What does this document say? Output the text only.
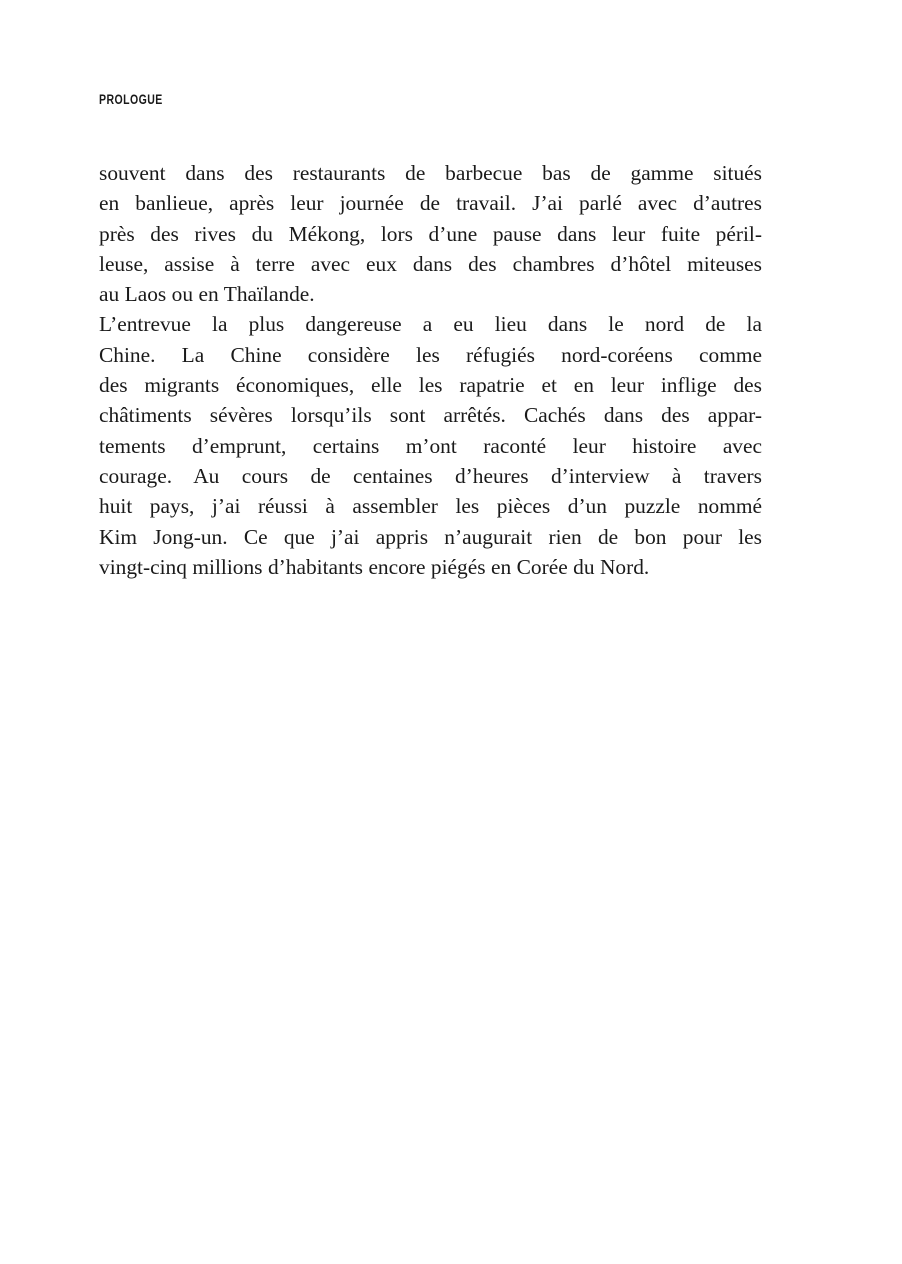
PROLOGUE

souvent dans des restaurants de barbecue bas de gamme situés
en banlieue, après leur journée de travail. J’ai parlé avec d’autres
près des rives du Mékong, lors d’une pause dans leur fuite péril-
leuse, assise à terre avec eux dans des chambres d’hôtel miteuses
au Laos ou en Thaïlande.

L’entrevue la plus dangereuse a eu lieu dans le nord de la
Chine. La Chine considère les réfugiés nord-coréens comme
des migrants économiques, elle les rapatrie et en leur inflige des
châtiments sévères lorsqu’ils sont arrêtés. Cachés dans des appar-
tements d’emprunt, certains m’ont raconté leur histoire avec
courage. Au cours de centaines d’heures d’interview à travers
huit pays, j’ai réussi à assembler les pièces d’un puzzle nommé
Kim Jong-un. Ce que j’ai appris n’augurait rien de bon pour les
vingt-cinq millions d’habitants encore piégés en Corée du Nord.
